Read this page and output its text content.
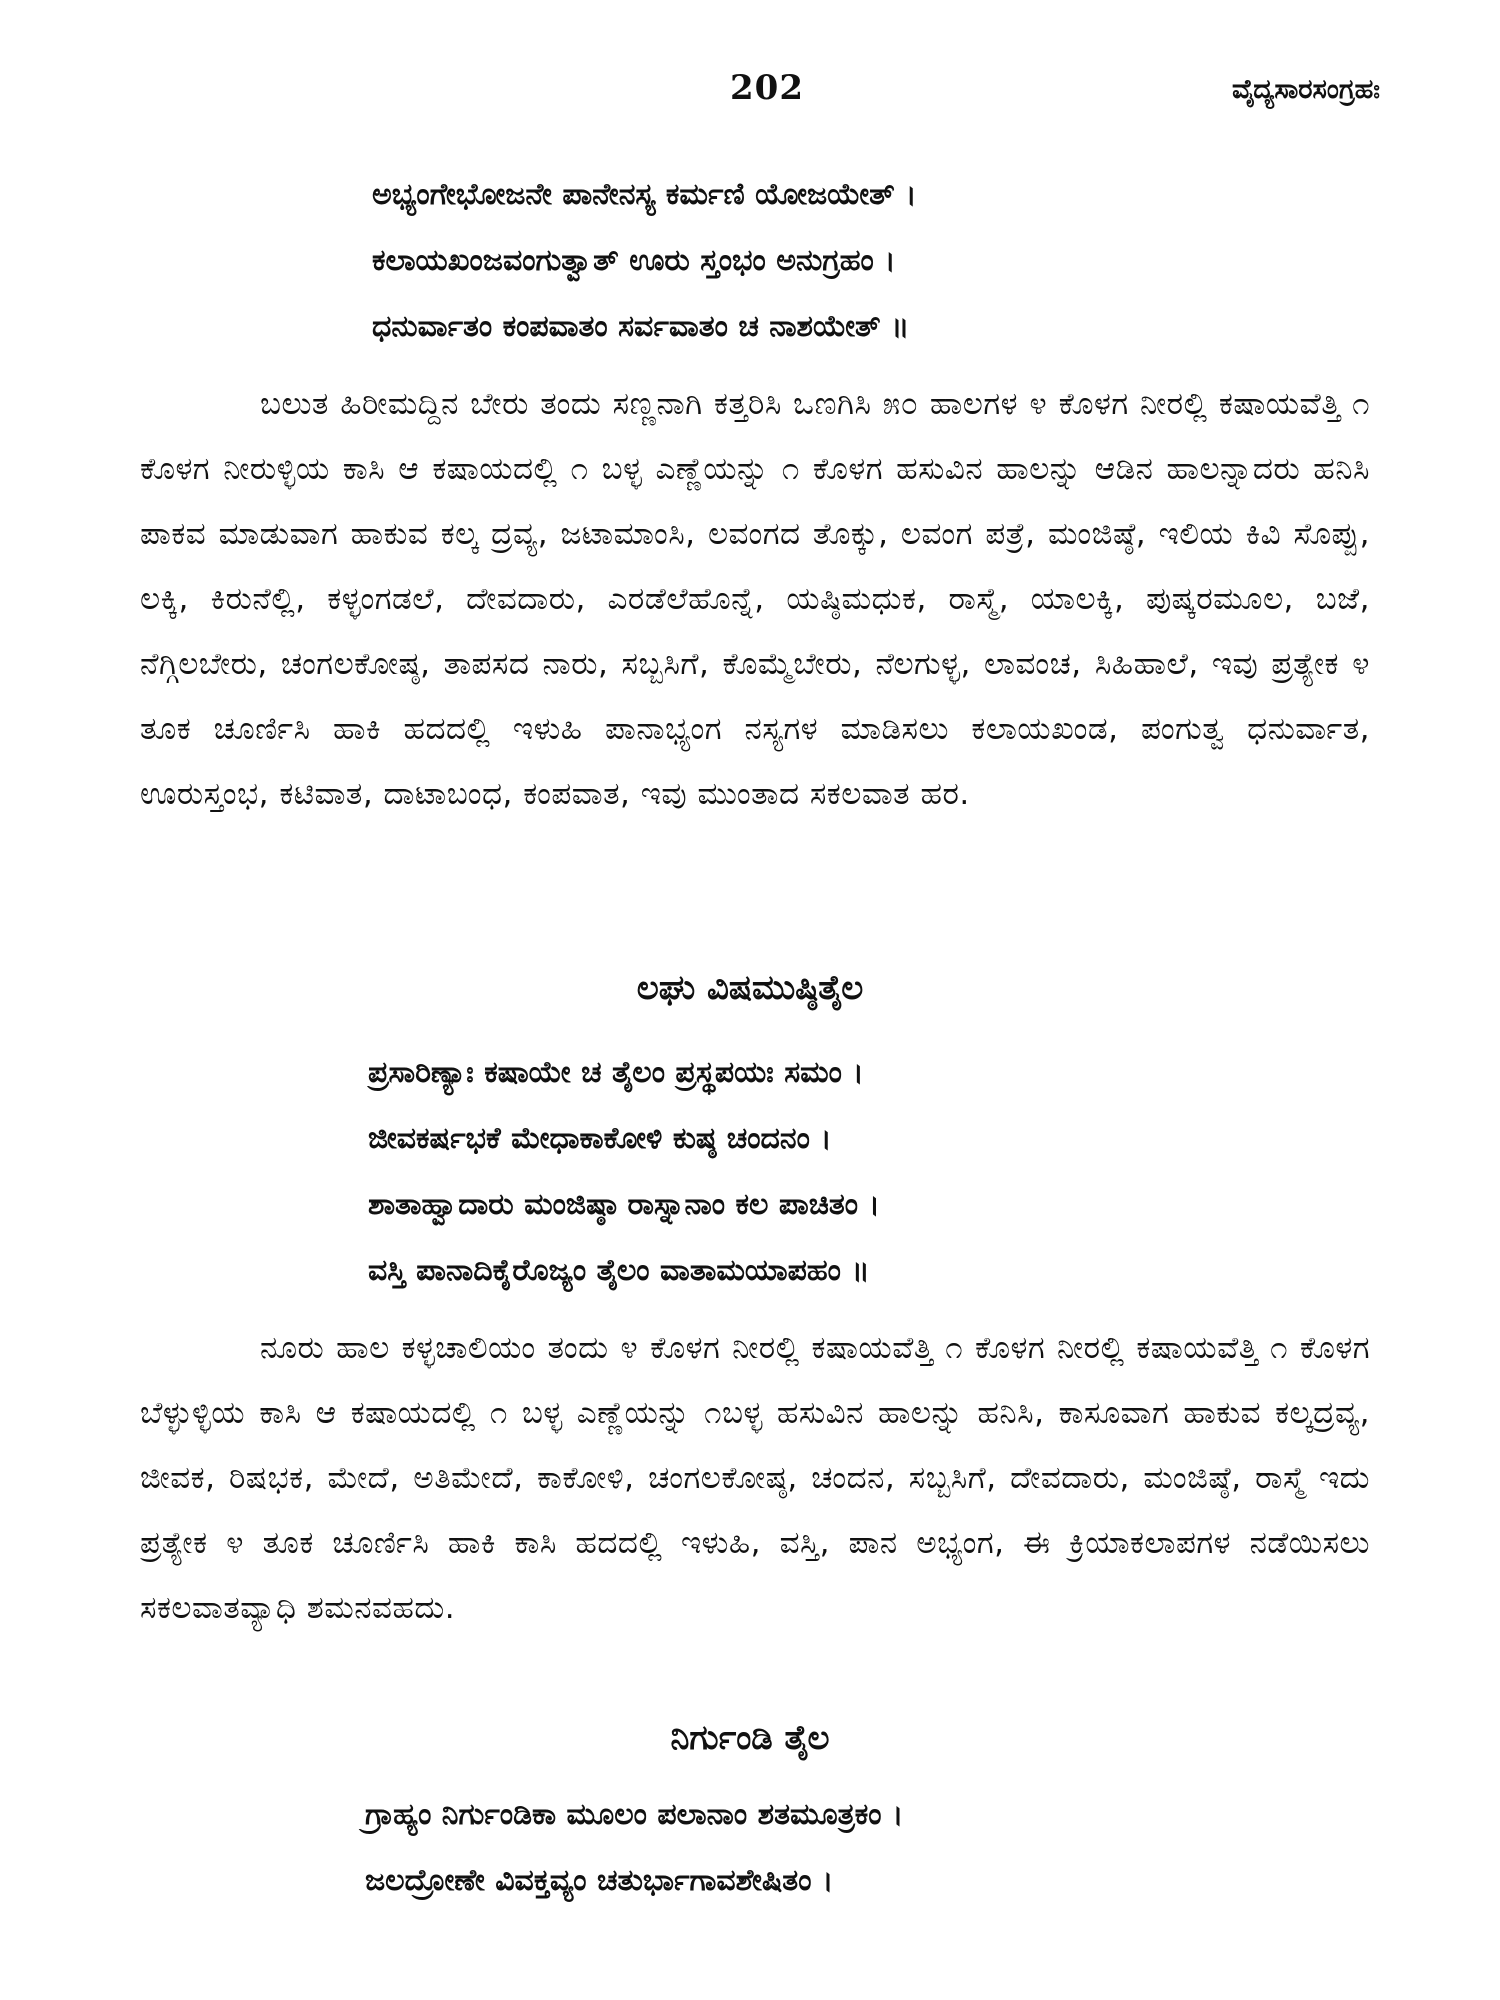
202	ವೈದ್ಯಸಾರಸಂಗ್ರಹಃ
ಅಭ್ಯಂಗೇಭೋಜನೇ ಪಾನೇನಸ್ಯ ಕರ್ಮಣಿ ಯೋಜಯೇತ್ ।
ಕಲಾಯಖಂಜವಂಗುತ್ವಾತ್ ಊರು ಸ್ತಂಭಂ ಅನುಗ್ರಹಂ ।
ಧನುರ್ವಾತಂ ಕಂಪವಾತಂ ಸರ್ವವಾತಂ ಚ ನಾಶಯೇತ್ ॥

ಬಲುತ ಹಿರೀಮದ್ದಿನ ಬೇರು ತಂದು ಸಣ್ಣನಾಗಿ ಕತ್ತರಿಸಿ ಒಣಗಿಸಿ ೫೦ ಹಾಲಗಳ ೪ ಕೊಳಗ ನೀರಲ್ಲಿ ಕಷಾಯವೆತ್ತಿ ೧ ಕೊಳಗ ನೀರುಳ್ಳಿಯ ಕಾಸಿ ಆ ಕಷಾಯದಲ್ಲಿ ೧ ಬಳ್ಳ ಎಣ್ಣೆಯನ್ನು ೧ ಕೊಳಗ ಹಸುವಿನ ಹಾಲನ್ನು ಆಡಿನ ಹಾಲನ್ನಾದರು ಹನಿಸಿ ಪಾಕವ ಮಾಡುವಾಗ ಹಾಕುವ ಕಲ್ಕ ದ್ರವ್ಯ, ಜಟಾಮಾಂಸಿ, ಲವಂಗದ ತೊಕ್ಕು, ಲವಂಗ ಪತ್ರೆ, ಮಂಜಿಷ್ಠೆ, ಇಲಿಯ ಕಿವಿ ಸೊಪ್ಪು, ಲಕ್ಕಿ, ಕಿರುನೆಲ್ಲಿ, ಕಳ್ಳಂಗಡಲೆ, ದೇವದಾರು, ಎರಡೆಲೆಹೊನ್ನೆ, ಯಷ್ಠಿಮಧುಕ, ರಾಸ್ಮೆ, ಯಾಲಕ್ಕಿ, ಪುಷ್ಕರಮೂಲ, ಬಜೆ, ನೆಗ್ಗಿಲಬೇರು, ಚಂಗಲಕೋಷ್ಠ, ತಾಪಸದ ನಾರು, ಸಬ್ಬಸಿಗೆ, ಕೊಮ್ಮೆಬೇರು, ನೆಲಗುಳ್ಳ, ಲಾವಂಚ, ಸಿಹಿಹಾಲೆ, ಇವು ಪ್ರತ್ಯೇಕ ೪ ತೂಕ ಚೂರ್ಣಿಸಿ ಹಾಕಿ ಹದದಲ್ಲಿ ಇಳುಹಿ ಪಾನಾಭ್ಯಂಗ ನಸ್ಯಗಳ ಮಾಡಿಸಲು ಕಲಾಯಖಂಡ, ಪಂಗುತ್ವ ಧನುರ್ವಾತ, ಊರುಸ್ತಂಭ, ಕಟಿವಾತ, ದಾಟಾಬಂಧ, ಕಂಪವಾತ, ಇವು ಮುಂತಾದ ಸಕಲವಾತ ಹರ.

ಲಘು ವಿಷಮುಷ್ಠಿತೈಲ
ಪ್ರಸಾರಿಣ್ಯಾಃ ಕಷಾಯೇ ಚ ತೈಲಂ ಪ್ರಸ್ಥಪಯಃ ಸಮಂ ।
ಜೀವಕರ್ಷಭಕೆ ಮೇಧಾಕಾಕೋಳಿ ಕುಷ್ಠ ಚಂದನಂ ।
ಶಾತಾಹ್ವಾದಾರು ಮಂಜಿಷ್ಠಾ ರಾಸ್ನಾನಾಂ ಕಲ ಪಾಚಿತಂ ।
ವಸ್ತಿ ಪಾನಾದಿಕೈರೊಜ್ಯಂ ತೈಲಂ ವಾತಾಮಯಾಪಹಂ ॥

ನೂರು ಹಾಲ ಕಳ್ಳಚಾಲಿಯಂ ತಂದು ೪ ಕೊಳಗ ನೀರಲ್ಲಿ ಕಷಾಯವೆತ್ತಿ ೧ ಕೊಳಗ ನೀರಲ್ಲಿ ಕಷಾಯವೆತ್ತಿ ೧ ಕೊಳಗ ಬೆಳ್ಳುಳ್ಳಿಯ ಕಾಸಿ ಆ ಕಷಾಯದಲ್ಲಿ ೧ ಬಳ್ಳ ಎಣ್ಣೆಯನ್ನು ೧ಬಳ್ಳ ಹಸುವಿನ ಹಾಲನ್ನು ಹನಿಸಿ, ಕಾಸೂವಾಗ ಹಾಕುವ ಕಲ್ಕದ್ರವ್ಯ, ಜೀವಕ, ರಿಷಭಕ, ಮೇದೆ, ಅತಿಮೇದೆ, ಕಾಕೋಳಿ, ಚಂಗಲಕೋಷ್ಠ, ಚಂದನ, ಸಬ್ಬಸಿಗೆ, ದೇವದಾರು, ಮಂಜಿಷ್ಠೆ, ರಾಸ್ಮೆ ಇದು ಪ್ರತ್ಯೇಕ ೪ ತೂಕ ಚೂರ್ಣಿಸಿ ಹಾಕಿ ಕಾಸಿ ಹದದಲ್ಲಿ ಇಳುಹಿ, ವಸ್ತಿ, ಪಾನ ಅಭ್ಯಂಗ, ಈ ಕ್ರಿಯಾಕಲಾಪಗಳ ನಡೆಯಿಸಲು ಸಕಲವಾತವ್ಯಾಧಿ ಶಮನವಹದು.

ನಿರ್ಗುಂಡಿ ತೈಲ
ಗ್ರಾಹ್ಯಂ ನಿರ್ಗುಂಡಿಕಾ ಮೂಲಂ ಪಲಾನಾಂ ಶತಮೂತ್ರಕಂ ।
ಜಲದ್ರೋಣೇ ವಿವಕ್ತವ್ಯಂ ಚತುರ್ಭಾಗಾವಶೇಷಿತಂ ।
